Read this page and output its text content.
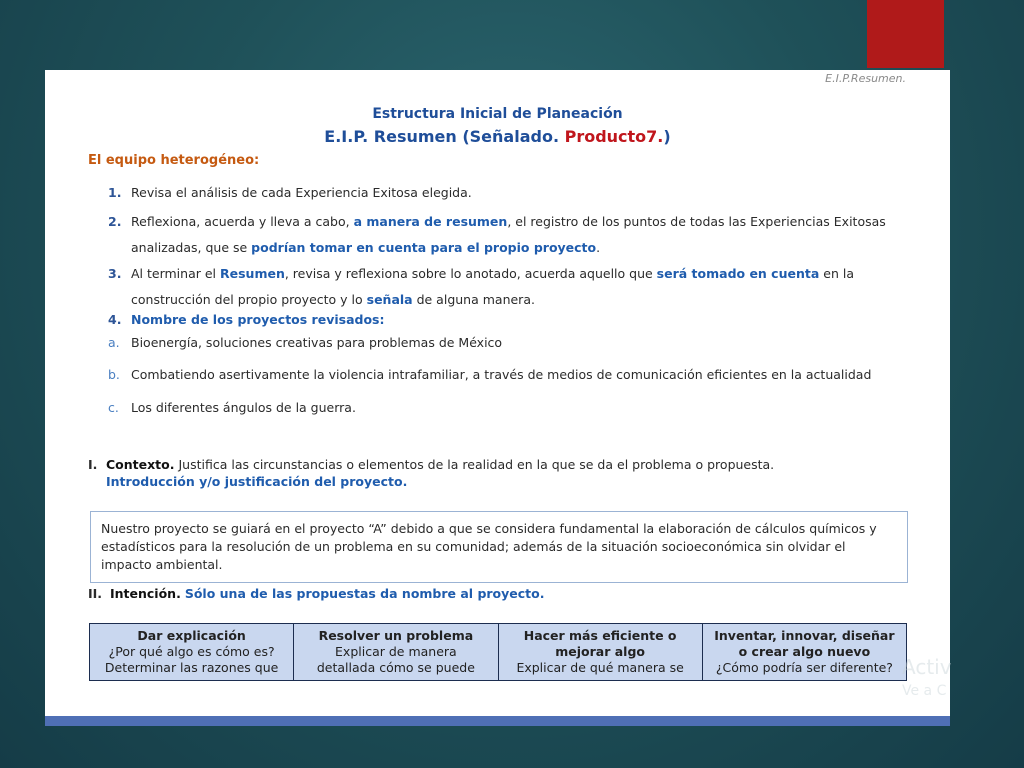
E.I.P.Resumen.
Estructura Inicial de Planeación
E.I.P. Resumen (Señalado. Producto7.)
El equipo heterogéneo:
1. Revisa el análisis de cada Experiencia Exitosa elegida.
2. Reflexiona, acuerda y lleva a cabo, a manera de resumen, el registro de los puntos de todas las Experiencias Exitosas
analizadas, que se podrían tomar en cuenta para el propio proyecto.
3. Al terminar el Resumen, revisa y reflexiona sobre lo anotado, acuerda aquello que será tomado en cuenta en la
construcción del propio proyecto y lo señala de alguna manera.
4. Nombre de los proyectos revisados:
a. Bioenergía, soluciones creativas para problemas de México
b. Combatiendo asertivamente la violencia intrafamiliar, a través de medios de comunicación eficientes en la actualidad
c. Los diferentes ángulos de la guerra.
I. Contexto. Justifica las circunstancias o elementos de la realidad en la que se da el problema o propuesta.
Introducción y/o justificación del proyecto.
Nuestro proyecto se guiará en el proyecto “A” debido a que se considera fundamental la elaboración de cálculos químicos y estadísticos para la resolución de un problema en su comunidad; además de la situación socioeconómica sin olvidar el impacto ambiental.
II. Intención. Sólo una de las propuestas da nombre al proyecto.
Dar explicación
¿Por qué algo es cómo es?
Determinar las razones que

Resolver un problema
Explicar de manera
detallada cómo se puede

Hacer más eficiente o mejorar algo
Explicar de qué manera se

Inventar, innovar, diseñar o crear algo nuevo
¿Cómo podría ser diferente? Activ
Ve a C
